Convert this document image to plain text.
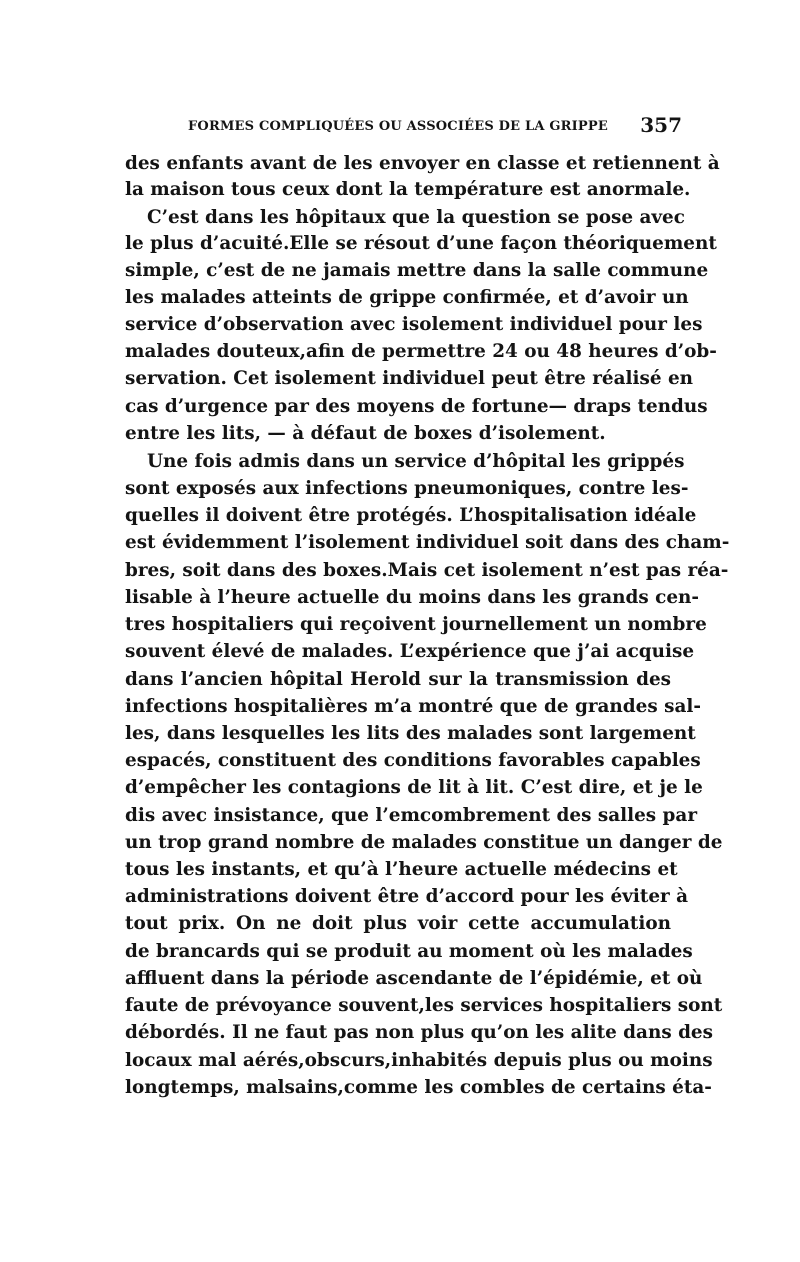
FORMES COMPLIQUÉES OU ASSOCIÉES DE LA GRIPPE 357
des enfants avant de les envoyer en classe et retiennent à
la maison tous ceux dont la température est anormale.
C’est dans les hôpitaux que la question se pose avec
le plus d’acuité.Elle se résout d’une façon théoriquement
simple, c’est de ne jamais mettre dans la salle commune
les malades atteints de grippe confirmée, et d’avoir un
service d’observation avec isolement individuel pour les
malades douteux,afin de permettre 24 ou 48 heures d’ob-
servation. Cet isolement individuel peut être réalisé en
cas d’urgence par des moyens de fortune— draps tendus
entre les lits, — à défaut de boxes d’isolement.
Une fois admis dans un service d’hôpital les grippés
sont exposés aux infections pneumoniques, contre les-
quelles il doivent être protégés. L’hospitalisation idéale
est évidemment l’isolement individuel soit dans des cham-
bres, soit dans des boxes.Mais cet isolement n’est pas réa-
lisable à l’heure actuelle du moins dans les grands cen-
tres hospitaliers qui reçoivent journellement un nombre
souvent élevé de malades. L’expérience que j’ai acquise
dans l’ancien hôpital Herold sur la transmission des
infections hospitalières m’a montré que de grandes sal-
les, dans lesquelles les lits des malades sont largement
espacés, constituent des conditions favorables capables
d’empêcher les contagions de lit à lit. C’est dire, et je le
dis avec insistance, que l’emcombrement des salles par
un trop grand nombre de malades constitue un danger de
tous les instants, et qu’à l’heure actuelle médecins et
administrations doivent être d’accord pour les éviter à
tout prix. On ne doit plus voir cette accumulation
de brancards qui se produit au moment où les malades
affluent dans la période ascendante de l’épidémie, et où
faute de prévoyance souvent,les services hospitaliers sont
débordés. Il ne faut pas non plus qu’on les alite dans des
locaux mal aérés,obscurs,inhabités depuis plus ou moins
longtemps, malsains,comme les combles de certains éta-
